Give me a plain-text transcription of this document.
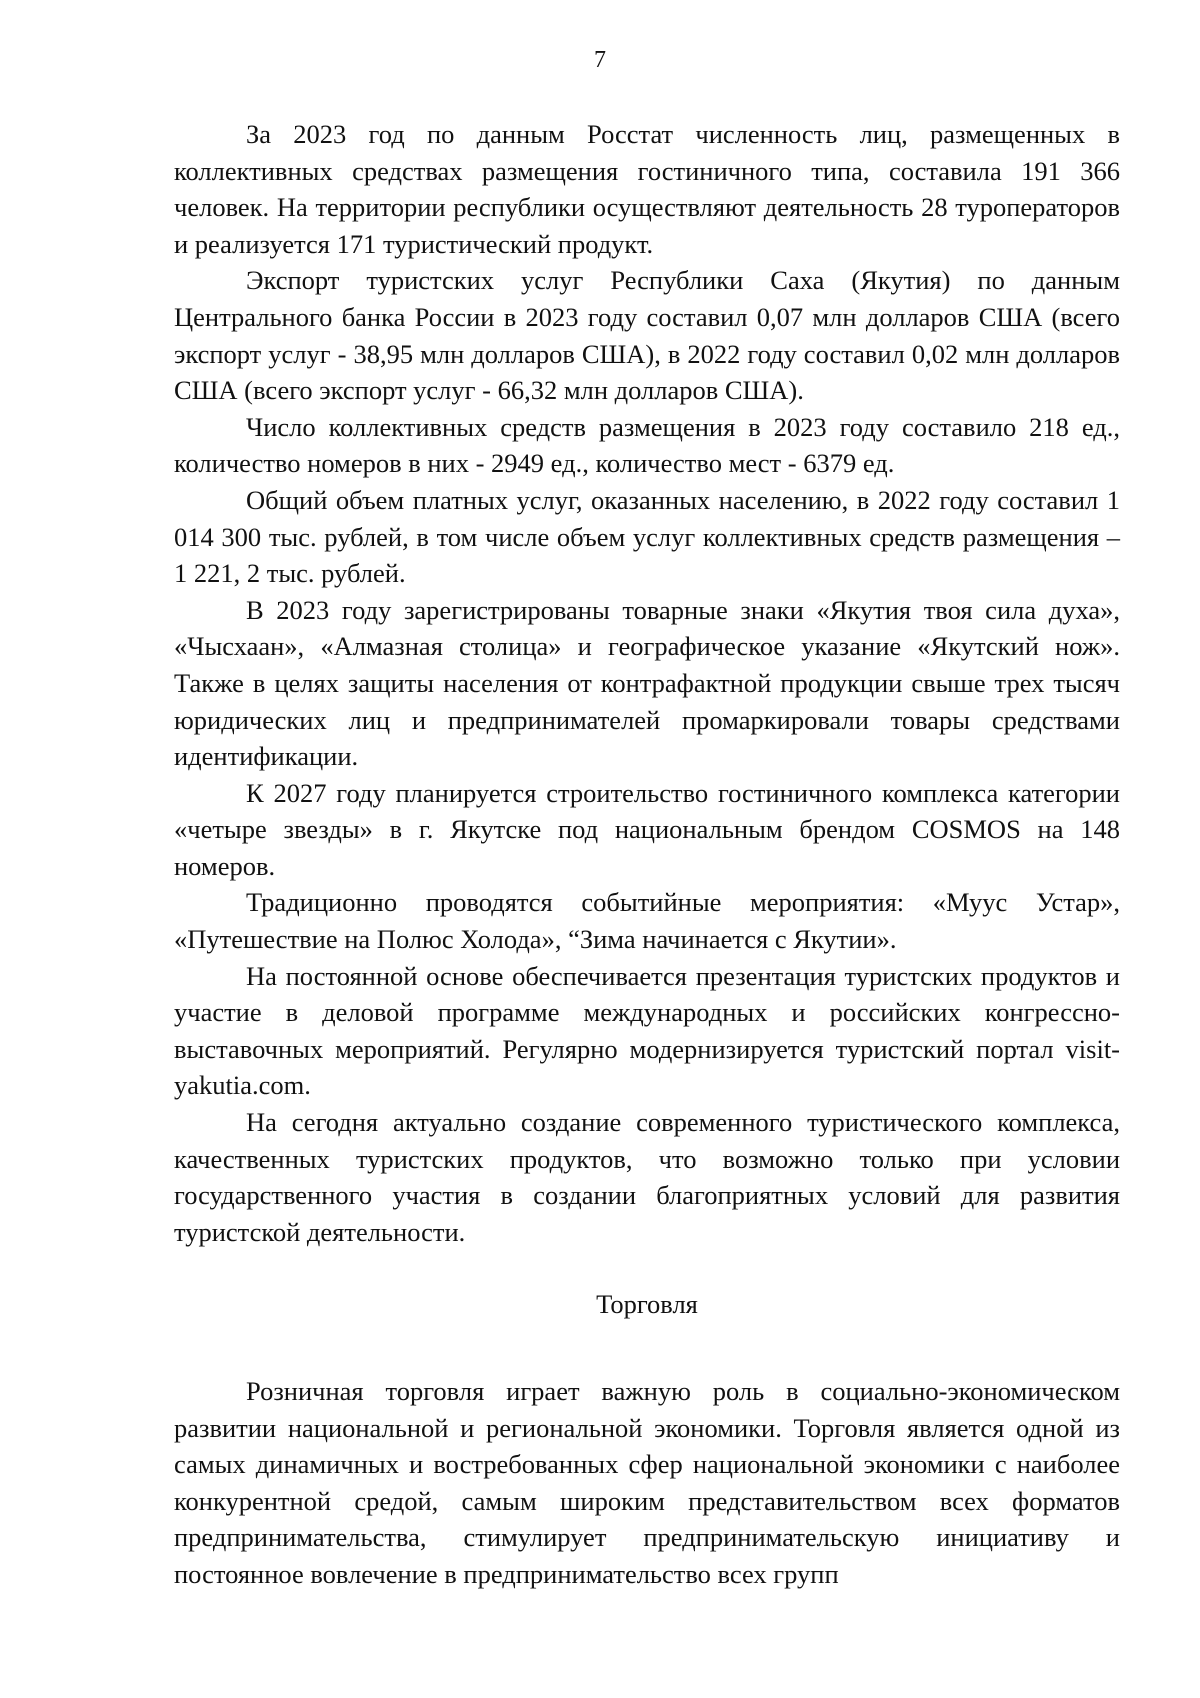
7

За 2023 год по данным Росстат численность лиц, размещенных в коллективных средствах размещения гостиничного типа, составила 191 366 человек. На территории республики осуществляют деятельность 28 туроператоров и реализуется 171 туристический продукт.

Экспорт туристских услуг Республики Саха (Якутия) по данным Центрального банка России в 2023 году составил 0,07 млн долларов США (всего экспорт услуг - 38,95 млн долларов США), в 2022 году составил 0,02 млн долларов США (всего экспорт услуг - 66,32 млн долларов США).

Число коллективных средств размещения в 2023 году составило 218 ед., количество номеров в них - 2949 ед., количество мест - 6379 ед.

Общий объем платных услуг, оказанных населению, в 2022 году составил 1 014 300 тыс. рублей, в том числе объем услуг коллективных средств размещения – 1 221, 2 тыс. рублей.

В 2023 году зарегистрированы товарные знаки «Якутия твоя сила духа», «Чысхаан», «Алмазная столица» и географическое указание «Якутский нож». Также в целях защиты населения от контрафактной продукции свыше трех тысяч юридических лиц и предпринимателей промаркировали товары средствами идентификации.

К 2027 году планируется строительство гостиничного комплекса категории «четыре звезды» в г. Якутске под национальным брендом COSMOS на 148 номеров.

Традиционно проводятся событийные мероприятия: «Муус Устар», «Путешествие на Полюс Холода», “Зима начинается с Якутии».

На постоянной основе обеспечивается презентация туристских продуктов и участие в деловой программе международных и российских конгрессно-выставочных мероприятий. Регулярно модернизируется туристский портал visit-yakutia.com.

На сегодня актуально создание современного туристического комплекса, качественных туристских продуктов, что возможно только при условии государственного участия в создании благоприятных условий для развития туристской деятельности.

Торговля

Розничная торговля играет важную роль в социально-экономическом развитии национальной и региональной экономики. Торговля является одной из самых динамичных и востребованных сфер национальной экономики с наиболее конкурентной средой, самым широким представительством всех форматов предпринимательства, стимулирует предпринимательскую инициативу и постоянное вовлечение в предпринимательство всех групп
